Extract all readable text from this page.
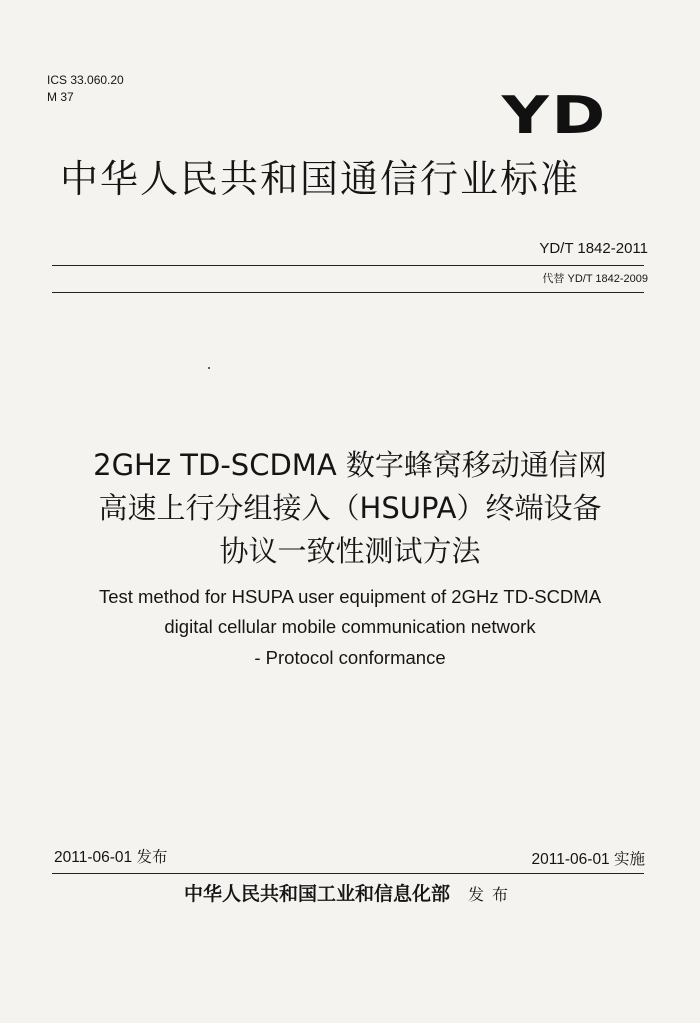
ICS 33.060.20
M 37	YD
中华人民共和国通信行业标准
YD/T 1842-2011
代替 YD/T 1842-2009
2GHz TD-SCDMA 数字蜂窝移动通信网
高速上行分组接入（HSUPA）终端设备
协议一致性测试方法
Test method for HSUPA user equipment of 2GHz TD-SCDMA
digital cellular mobile communication network
- Protocol conformance
2011-06-01 发布	2011-06-01 实施
中华人民共和国工业和信息化部 发布
